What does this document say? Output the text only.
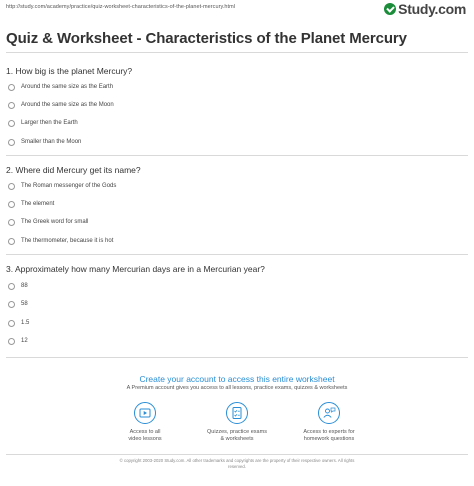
http://study.com/academy/practice/quiz-worksheet-characteristics-of-the-planet-mercury.html	Study.com
Quiz & Worksheet - Characteristics of the Planet Mercury
1. How big is the planet Mercury?
Around the same size as the Earth
Around the same size as the Moon
Larger then the Earth
Smaller than the Moon
2. Where did Mercury get its name?
The Roman messenger of the Gods
The element
The Greek word for small
The thermometer, because it is hot
3. Approximately how many Mercurian days are in a Mercurian year?
88
58
1.5
12
Create your account to access this entire worksheet
A Premium account gives you access to all lessons, practice exams, quizzes & worksheets
Access to all
video lessons
Quizzes, practice exams
& worksheets
Access to experts for
homework questions
© copyright 2003-2020 Study.com. All other trademarks and copyrights are the property of their respective owners. All rights
reserved.
